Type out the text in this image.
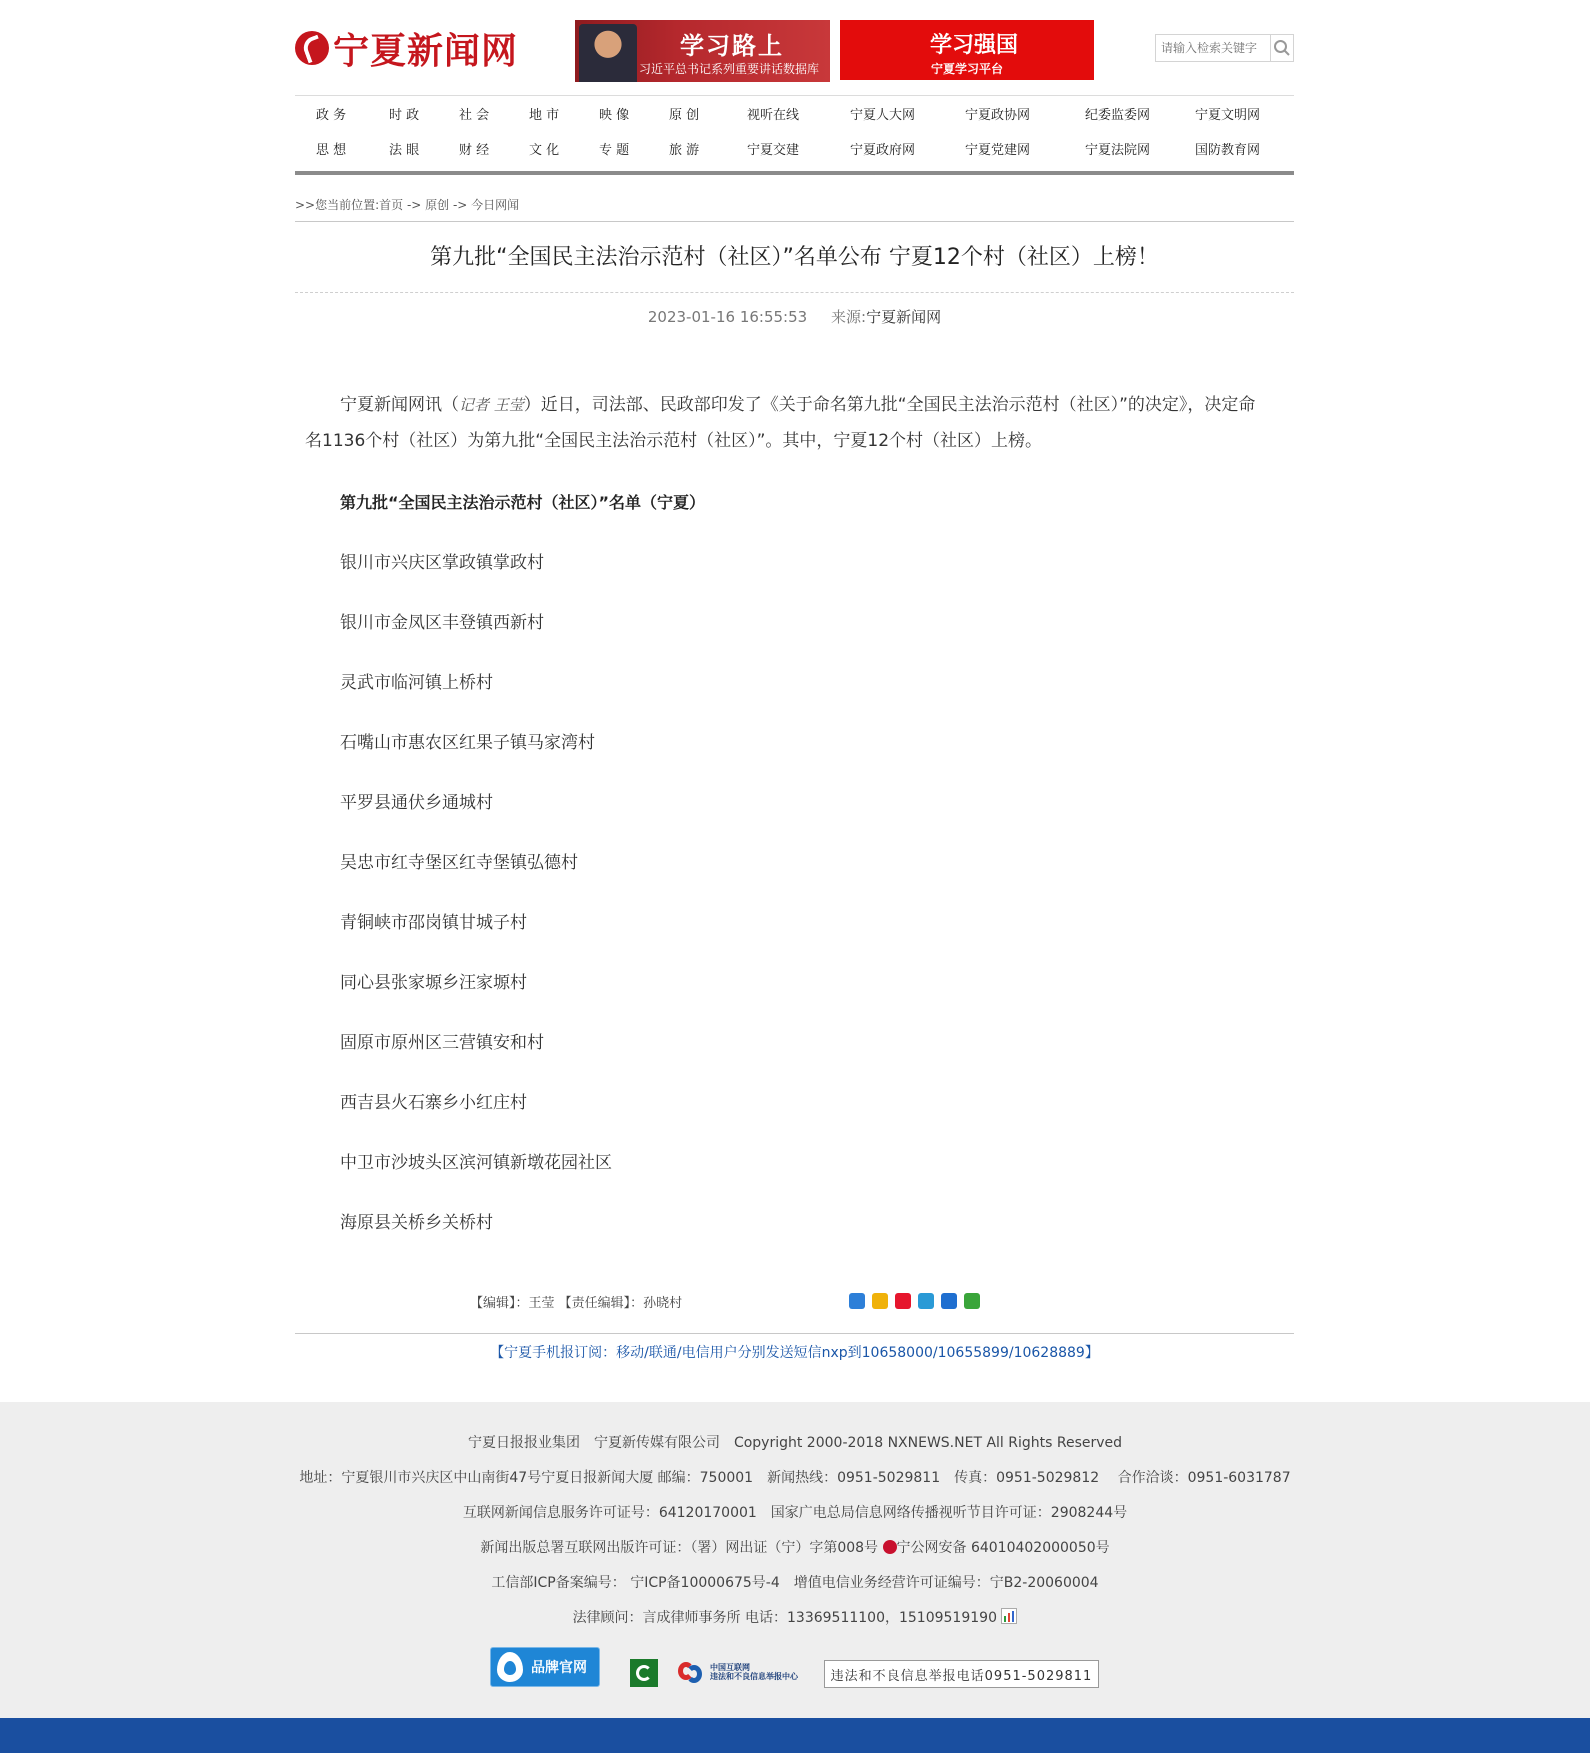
宁夏新闻网	学习路上
习近平总书记系列重要讲话数据库
学习强国
宁夏学习平台
请输入检索关键字
政 务	时 政	社 会	地 市	映 像	原 创	视听在线	宁夏人大网	宁夏政协网	纪委监委网	宁夏文明网
思 想	法 眼	财 经	文 化	专 题	旅 游	宁夏交建	宁夏政府网	宁夏党建网	宁夏法院网	国防教育网
>>您当前位置:首页 -> 原创 -> 今日网闻
第九批“全国民主法治示范村（社区）”名单公布 宁夏12个村（社区）上榜！
2023-01-16 16:55:53 来源:宁夏新闻网
宁夏新闻网讯（记者 王莹）近日，司法部、民政部印发了《关于命名第九批“全国民主法治示范村（社区）”的决定》，决定命名1136个村（社区）为第九批“全国民主法治示范村（社区）”。其中，宁夏12个村（社区）上榜。
第九批“全国民主法治示范村（社区）”名单（宁夏）
银川市兴庆区掌政镇掌政村
银川市金凤区丰登镇西新村
灵武市临河镇上桥村
石嘴山市惠农区红果子镇马家湾村
平罗县通伏乡通城村
吴忠市红寺堡区红寺堡镇弘德村
青铜峡市邵岗镇甘城子村
同心县张家塬乡汪家塬村
固原市原州区三营镇安和村
西吉县火石寨乡小红庄村
中卫市沙坡头区滨河镇新墩花园社区
海原县关桥乡关桥村
【编辑】：王莹 【责任编辑】：孙晓村
【宁夏手机报订阅：移动/联通/电信用户分别发送短信nxp到10658000/10655899/10628889】
宁夏日报报业集团　宁夏新传媒有限公司　Copyright 2000-2018 NXNEWS.NET All Rights Reserved
地址：宁夏银川市兴庆区中山南街47号宁夏日报新闻大厦 邮编：750001　新闻热线：0951-5029811　传真：0951-5029812　 合作洽谈：0951-6031787
互联网新闻信息服务许可证号：64120170001　国家广电总局信息网络传播视听节目许可证：2908244号
新闻出版总署互联网出版许可证：（署）网出证（宁）字第008号 宁公网安备 64010402000050号
工信部ICP备案编号： 宁ICP备10000675号-4　增值电信业务经营许可证编号：宁B2-20060004
法律顾问：言成律师事务所 电话：13369511100，15109519190
品牌官网	中国互联网
违法和不良信息举报中心	违法和不良信息举报电话0951-5029811
